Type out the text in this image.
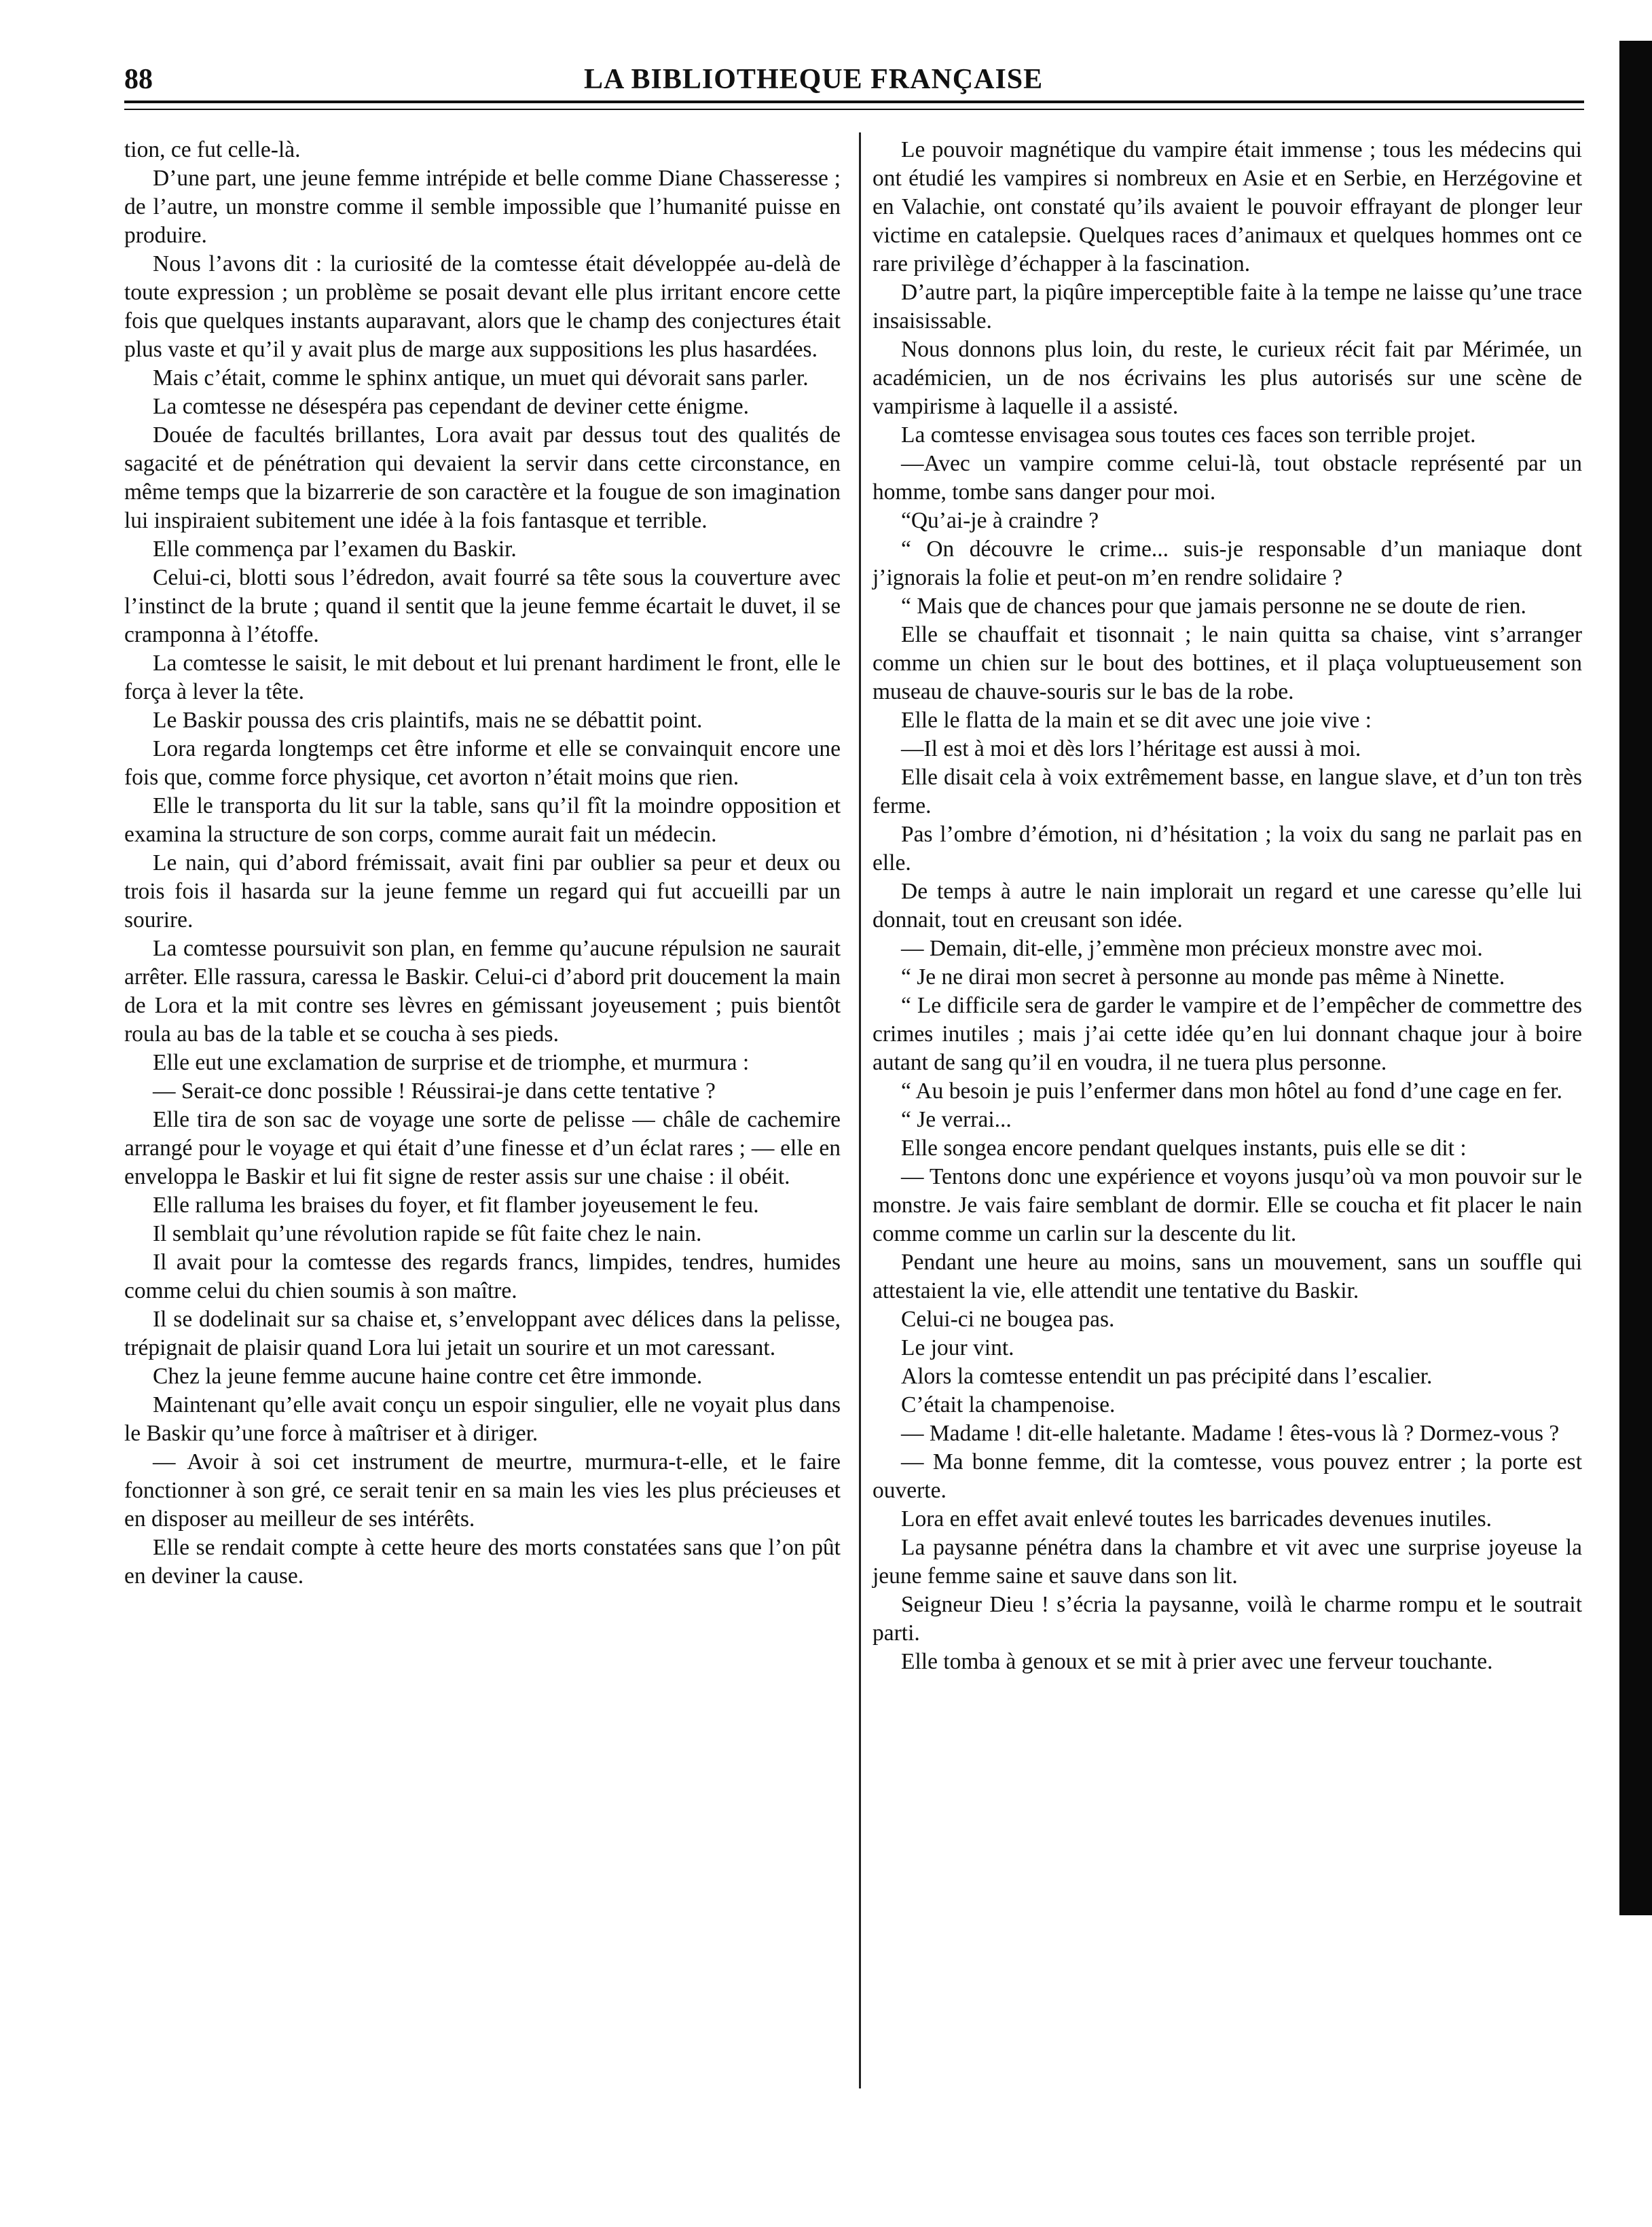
88	LA BIBLIOTHEQUE FRANÇAISE

tion, ce fut celle-là.

D’une part, une jeune femme intrépide et belle comme Diane Chasseresse ; de l’autre, un monstre comme il semble impossible que l’humanité puisse en produire.

Nous l’avons dit : la curiosité de la comtesse était développée au-delà de toute expression ; un problème se posait devant elle plus irritant encore cette fois que quelques instants auparavant, alors que le champ des conjectures était plus vaste et qu’il y avait plus de marge aux suppositions les plus hasardées.

Mais c’était, comme le sphinx antique, un muet qui dévorait sans parler.

La comtesse ne désespéra pas cependant de deviner cette énigme.

Douée de facultés brillantes, Lora avait par dessus tout des qualités de sagacité et de pénétration qui devaient la servir dans cette circonstance, en même temps que la bizarrerie de son caractère et la fougue de son imagination lui inspiraient subitement une idée à la fois fantasque et terrible.

Elle commença par l’examen du Baskir.

Celui-ci, blotti sous l’édredon, avait fourré sa tête sous la couverture avec l’instinct de la brute ; quand il sentit que la jeune femme écartait le duvet, il se cramponna à l’étoffe.

La comtesse le saisit, le mit debout et lui prenant hardiment le front, elle le força à lever la tête.

Le Baskir poussa des cris plaintifs, mais ne se débattit point.

Lora regarda longtemps cet être informe et elle se convainquit encore une fois que, comme force physique, cet avorton n’était moins que rien.

Elle le transporta du lit sur la table, sans qu’il fît la moindre opposition et examina la structure de son corps, comme aurait fait un médecin.

Le nain, qui d’abord frémissait, avait fini par oublier sa peur et deux ou trois fois il hasarda sur la jeune femme un regard qui fut accueilli par un sourire.

La comtesse poursuivit son plan, en femme qu’aucune répulsion ne saurait arrêter. Elle rassura, caressa le Baskir. Celui-ci d’abord prit doucement la main de Lora et la mit contre ses lèvres en gémissant joyeusement ; puis bientôt roula au bas de la table et se coucha à ses pieds.

Elle eut une exclamation de surprise et de triomphe, et murmura :

— Serait-ce donc possible ! Réussirai-je dans cette tentative ?

Elle tira de son sac de voyage une sorte de pelisse — châle de cachemire arrangé pour le voyage et qui était d’une finesse et d’un éclat rares ; — elle en enveloppa le Baskir et lui fit signe de rester assis sur une chaise : il obéit.

Elle ralluma les braises du foyer, et fit flamber joyeusement le feu.

Il semblait qu’une révolution rapide se fût faite chez le nain.

Il avait pour la comtesse des regards francs, limpides, tendres, humides comme celui du chien soumis à son maître.

Il se dodelinait sur sa chaise et, s’enveloppant avec délices dans la pelisse, trépignait de plaisir quand Lora lui jetait un sourire et un mot caressant.

Chez la jeune femme aucune haine contre cet être immonde.

Maintenant qu’elle avait conçu un espoir singulier, elle ne voyait plus dans le Baskir qu’une force à maîtriser et à diriger.

— Avoir à soi cet instrument de meurtre, murmura-t-elle, et le faire fonctionner à son gré, ce serait tenir en sa main les vies les plus précieuses et en disposer au meilleur de ses intérêts.

Elle se rendait compte à cette heure des morts constatées sans que l’on pût en deviner la cause.

Le pouvoir magnétique du vampire était immense ; tous les médecins qui ont étudié les vampires si nombreux en Asie et en Serbie, en Herzégovine et en Valachie, ont constaté qu’ils avaient le pouvoir effrayant de plonger leur victime en catalepsie. Quelques races d’animaux et quelques hommes ont ce rare privilège d’échapper à la fascination.

D’autre part, la piqûre imperceptible faite à la tempe ne laisse qu’une trace insaisissable.

Nous donnons plus loin, du reste, le curieux récit fait par Mérimée, un académicien, un de nos écrivains les plus autorisés sur une scène de vampirisme à laquelle il a assisté.

La comtesse envisagea sous toutes ces faces son terrible projet.

—Avec un vampire comme celui-là, tout obstacle représenté par un homme, tombe sans danger pour moi.

“Qu’ai-je à craindre ?

“ On découvre le crime... suis-je responsable d’un maniaque dont j’ignorais la folie et peut-on m’en rendre solidaire ?

“ Mais que de chances pour que jamais personne ne se doute de rien.

Elle se chauffait et tisonnait ; le nain quitta sa chaise, vint s’arranger comme un chien sur le bout des bottines, et il plaça voluptueusement son museau de chauve-souris sur le bas de la robe.

Elle le flatta de la main et se dit avec une joie vive :

—Il est à moi et dès lors l’héritage est aussi à moi.

Elle disait cela à voix extrêmement basse, en langue slave, et d’un ton très ferme.

Pas l’ombre d’émotion, ni d’hésitation ; la voix du sang ne parlait pas en elle.

De temps à autre le nain implorait un regard et une caresse qu’elle lui donnait, tout en creusant son idée.

— Demain, dit-elle, j’emmène mon précieux monstre avec moi.

“ Je ne dirai mon secret à personne au monde pas même à Ninette.

“ Le difficile sera de garder le vampire et de l’empêcher de commettre des crimes inutiles ; mais j’ai cette idée qu’en lui donnant chaque jour à boire autant de sang qu’il en voudra, il ne tuera plus personne.

“ Au besoin je puis l’enfermer dans mon hôtel au fond d’une cage en fer.

“ Je verrai...

Elle songea encore pendant quelques instants, puis elle se dit :

— Tentons donc une expérience et voyons jusqu’où va mon pouvoir sur le monstre. Je vais faire semblant de dormir. Elle se coucha et fit placer le nain comme comme un carlin sur la descente du lit.

Pendant une heure au moins, sans un mouvement, sans un souffle qui attestaient la vie, elle attendit une tentative du Baskir.

Celui-ci ne bougea pas.

Le jour vint.

Alors la comtesse entendit un pas précipité dans l’escalier.

C’était la champenoise.

— Madame ! dit-elle haletante. Madame ! êtes-vous là ? Dormez-vous ?

— Ma bonne femme, dit la comtesse, vous pouvez entrer ; la porte est ouverte.

Lora en effet avait enlevé toutes les barricades devenues inutiles.

La paysanne pénétra dans la chambre et vit avec une surprise joyeuse la jeune femme saine et sauve dans son lit.

Seigneur Dieu ! s’écria la paysanne, voilà le charme rompu et le soutrait parti.

Elle tomba à genoux et se mit à prier avec une ferveur touchante.
